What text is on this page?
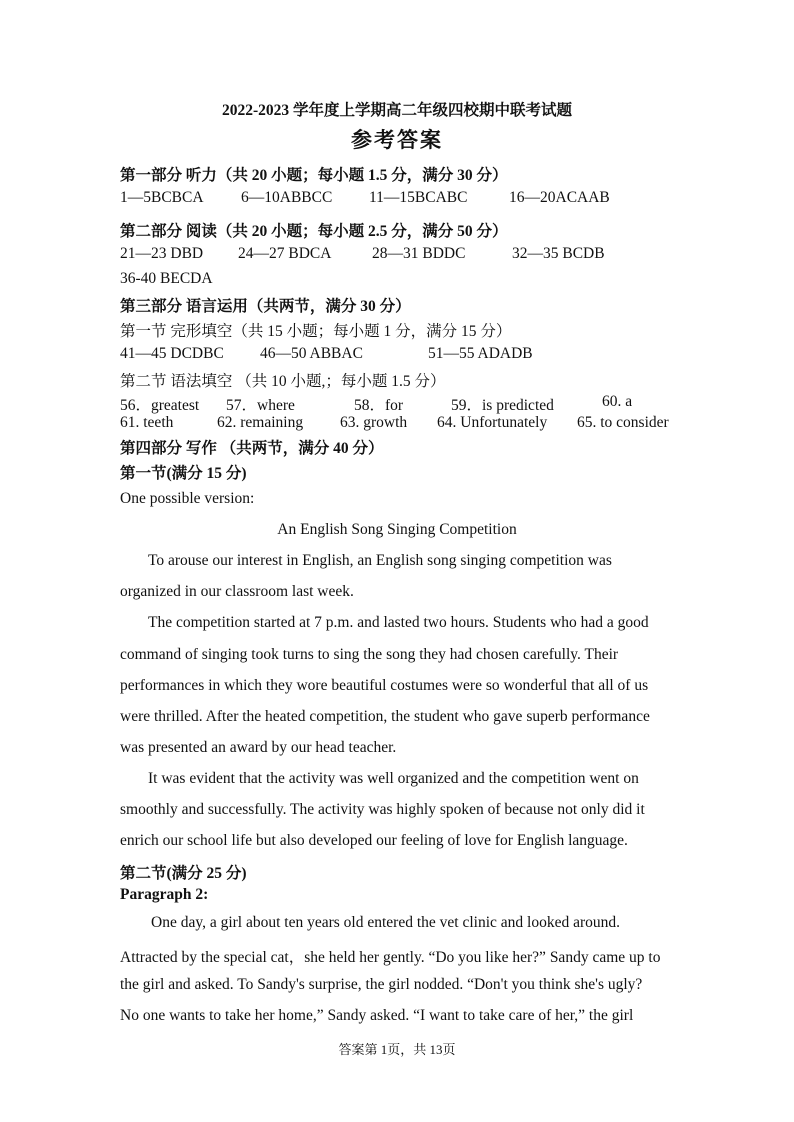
2022-2023 学年度上学期高二年级四校期中联考试题
参考答案
第一部分 听力（共 20 小题；每小题 1.5 分，满分 30 分）
1—5BCBCA 6—10ABBCC 11—15BCABC	16—20ACAAB
第二部分 阅读（共 20 小题；每小题 2.5 分，满分 50 分）
21—23 DBD 24—27 BDCA	28—31 BDDC	32—35 BCDB
36-40 BECDA
第三部分 语言运用（共两节，满分 30 分）
第一节 完形填空（共 15 小题；每小题 1 分，满分 15 分）
41—45 DCDBC 46—50 ABBAC	51—55 ADADB
第二节 语法填空 （共 10 小题,；每小题 1.5 分）
56．greatest 57．where	58．for	59．is predicted	60. a
61. teeth	62. remaining 63. growth 64. Unfortunately 65. to consider
第四部分 写作 （共两节，满分 40 分）
第一节(满分 15 分)
One possible version:
An English Song Singing Competition
To arouse our interest in English, an English song singing competition was
organized in our classroom last week.
The competition started at 7 p.m. and lasted two hours. Students who had a good
command of singing took turns to sing the song they had chosen carefully. Their
performances in which they wore beautiful costumes were so wonderful that all of us
were thrilled. After the heated competition, the student who gave superb performance
was presented an award by our head teacher.
It was evident that the activity was well organized and the competition went on
smoothly and successfully. The activity was highly spoken of because not only did it
enrich our school life but also developed our feeling of love for English language.
第二节(满分 25 分)
Paragraph 2:
One day, a girl about ten years old entered the vet clinic and looked around.
Attracted by the special cat，she held her gently. “Do you like her?” Sandy came up to
the girl and asked. To Sandy's surprise, the girl nodded. “Don't you think she's ugly?
No one wants to take her home,” Sandy asked. “I want to take care of her,” the girl
答案第 1页，共 13页
